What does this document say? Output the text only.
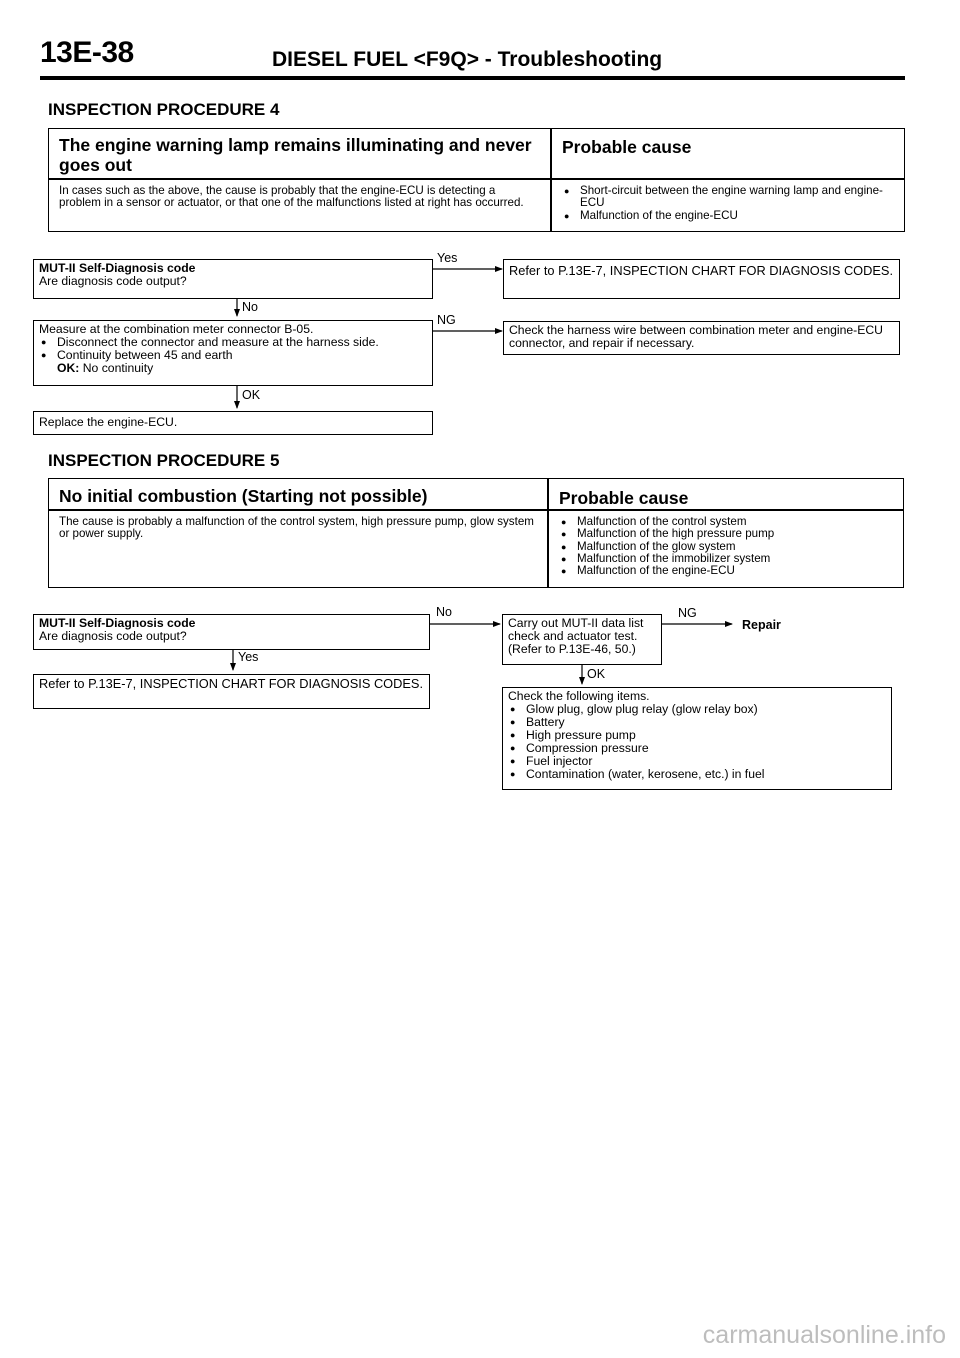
13E-38	DIESEL FUEL <F9Q> - Troubleshooting
INSPECTION PROCEDURE 4
The engine warning lamp remains illuminating and never
goes out
Probable cause
In cases such as the above, the cause is probably that the engine-ECU is detecting a problem in a sensor or actuator, or that one of the malfunctions listed at right has occurred.
● Short-circuit between the engine warning lamp and engine-ECU
● Malfunction of the engine-ECU
MUT-II Self-Diagnosis code
Are diagnosis code output?
Yes
Refer to P.13E-7, INSPECTION CHART FOR DIAGNOSIS CODES.
No
Measure at the combination meter connector B-05.
● Disconnect the connector and measure at the harness side.
● Continuity between 45 and earth
OK: No continuity
NG
Check the harness wire between combination meter and engine-ECU connector, and repair if necessary.
OK
Replace the engine-ECU.
INSPECTION PROCEDURE 5
No initial combustion (Starting not possible)	Probable cause
The cause is probably a malfunction of the control system, high pressure pump, glow system or power supply.
● Malfunction of the control system
● Malfunction of the high pressure pump
● Malfunction of the glow system
● Malfunction of the immobilizer system
● Malfunction of the engine-ECU
MUT-II Self-Diagnosis code
Are diagnosis code output?
No
Carry out MUT-II data list
check and actuator test.
(Refer to P.13E-46, 50.)
NG
Repair
Yes
Refer to P.13E-7, INSPECTION CHART FOR DIAGNOSIS CODES.
OK
Check the following items.
● Glow plug, glow plug relay (glow relay box)
● Battery
● High pressure pump
● Compression pressure
● Fuel injector
● Contamination (water, kerosene, etc.) in fuel
carmanualsonline.info
